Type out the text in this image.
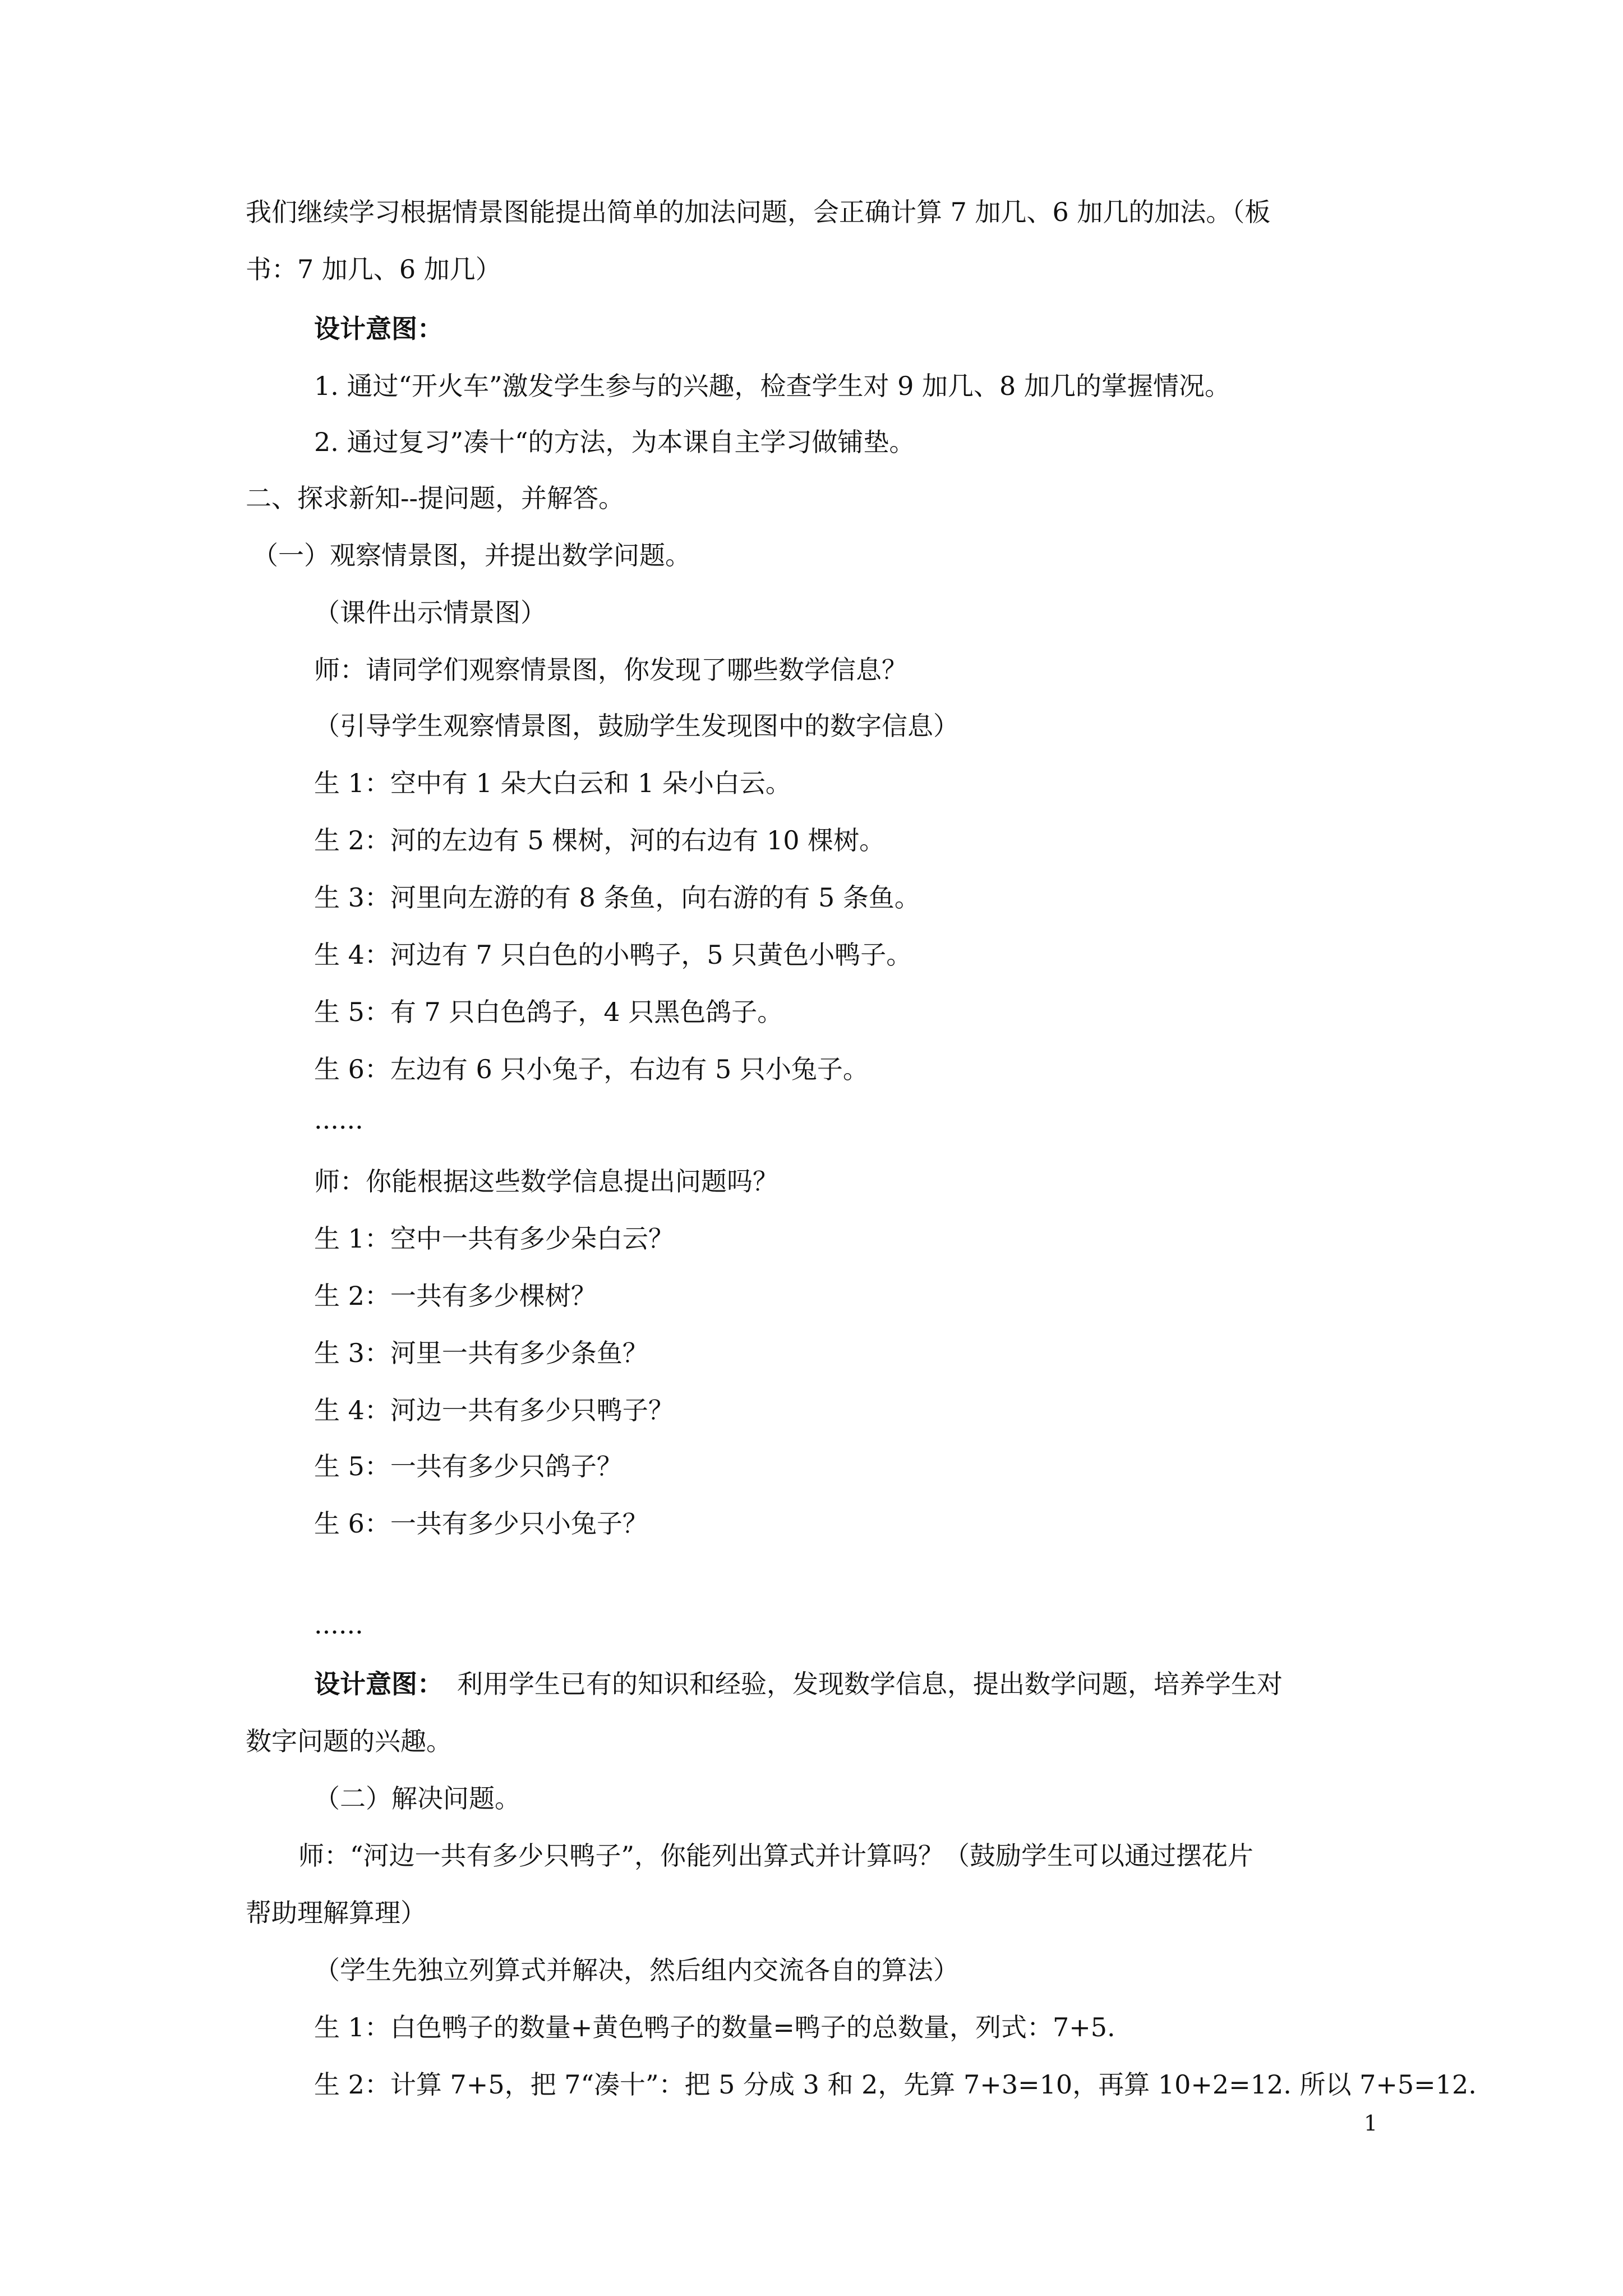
我们继续学习根据情景图能提出简单的加法问题，会正确计算 7 加几、6 加几的加法。（板
书：7 加几、6 加几）
设计意图：
1. 通过“开火车”激发学生参与的兴趣，检查学生对 9 加几、8 加几的掌握情况。
2. 通过复习”凑十“的方法，为本课自主学习做铺垫。
二、探求新知--提问题，并解答。
（一）观察情景图，并提出数学问题。
（课件出示情景图）
师：请同学们观察情景图，你发现了哪些数学信息？
（引导学生观察情景图，鼓励学生发现图中的数字信息）
生 1：空中有 1 朵大白云和 1 朵小白云。
生 2：河的左边有 5 棵树，河的右边有 10 棵树。
生 3：河里向左游的有 8 条鱼，向右游的有 5 条鱼。
生 4：河边有 7 只白色的小鸭子，5 只黄色小鸭子。
生 5：有 7 只白色鸽子，4 只黑色鸽子。
生 6：左边有 6 只小兔子，右边有 5 只小兔子。
......
师：你能根据这些数学信息提出问题吗？
生 1：空中一共有多少朵白云？
生 2：一共有多少棵树？
生 3：河里一共有多少条鱼？
生 4：河边一共有多少只鸭子？
生 5：一共有多少只鸽子？
生 6：一共有多少只小兔子？
......
设计意图： 利用学生已有的知识和经验，发现数学信息，提出数学问题，培养学生对
数字问题的兴趣。
（二）解决问题。
师：“河边一共有多少只鸭子”，你能列出算式并计算吗？（鼓励学生可以通过摆花片
帮助理解算理）
（学生先独立列算式并解决，然后组内交流各自的算法）
生 1：白色鸭子的数量+黄色鸭子的数量=鸭子的总数量，列式：7+5.
生 2：计算 7+5，把 7“凑十”：把 5 分成 3 和 2，先算 7+3=10，再算 10+2=12. 所以 7+5=12.
1
